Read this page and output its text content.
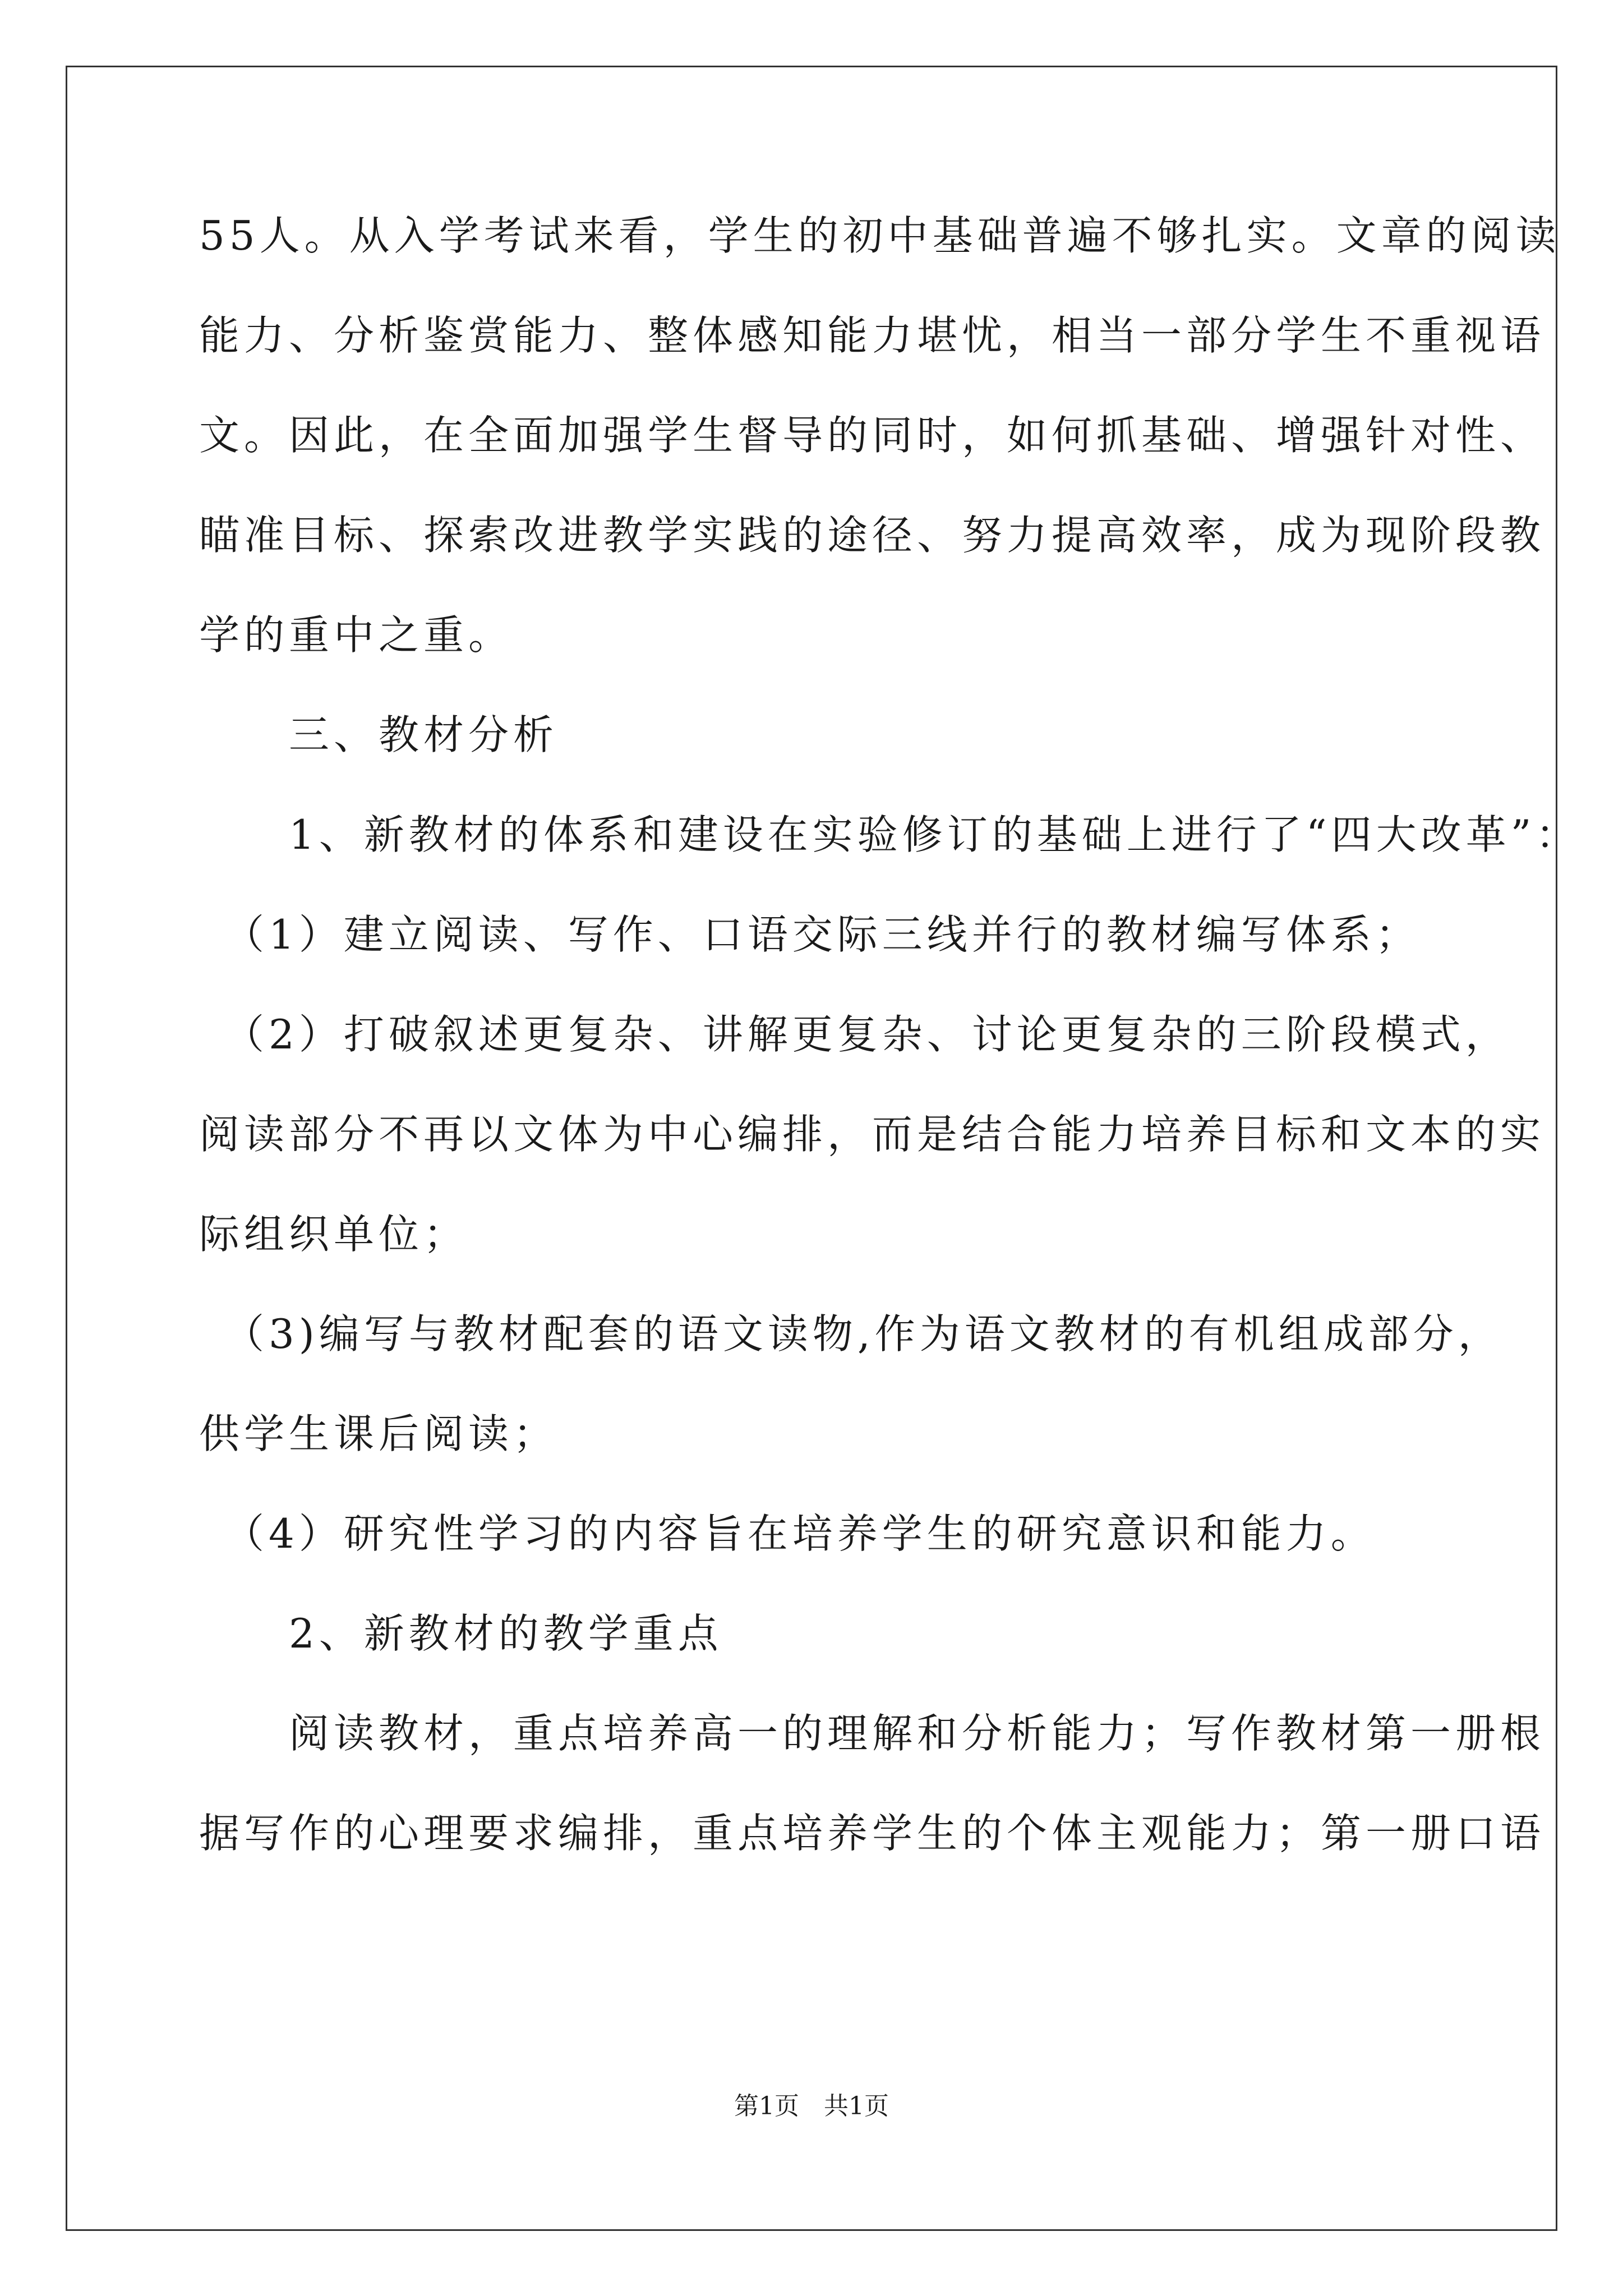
55人。从入学考试来看，学生的初中基础普遍不够扎实。文章的阅读
能力、分析鉴赏能力、整体感知能力堪忧，相当一部分学生不重视语
文。因此，在全面加强学生督导的同时，如何抓基础、增强针对性、
瞄准目标、探索改进教学实践的途径、努力提高效率，成为现阶段教
学的重中之重。
　　三、教材分析
　　1、新教材的体系和建设在实验修订的基础上进行了“四大改革”：
　（1）建立阅读、写作、口语交际三线并行的教材编写体系；
　（2）打破叙述更复杂、讲解更复杂、讨论更复杂的三阶段模式，
阅读部分不再以文体为中心编排，而是结合能力培养目标和文本的实
际组织单位；
　（3)编写与教材配套的语文读物,作为语文教材的有机组成部分，
供学生课后阅读；
　（4）研究性学习的内容旨在培养学生的研究意识和能力。
　　2、新教材的教学重点
　　阅读教材，重点培养高一的理解和分析能力；写作教材第一册根
据写作的心理要求编排，重点培养学生的个体主观能力；第一册口语
第1页　共1页
